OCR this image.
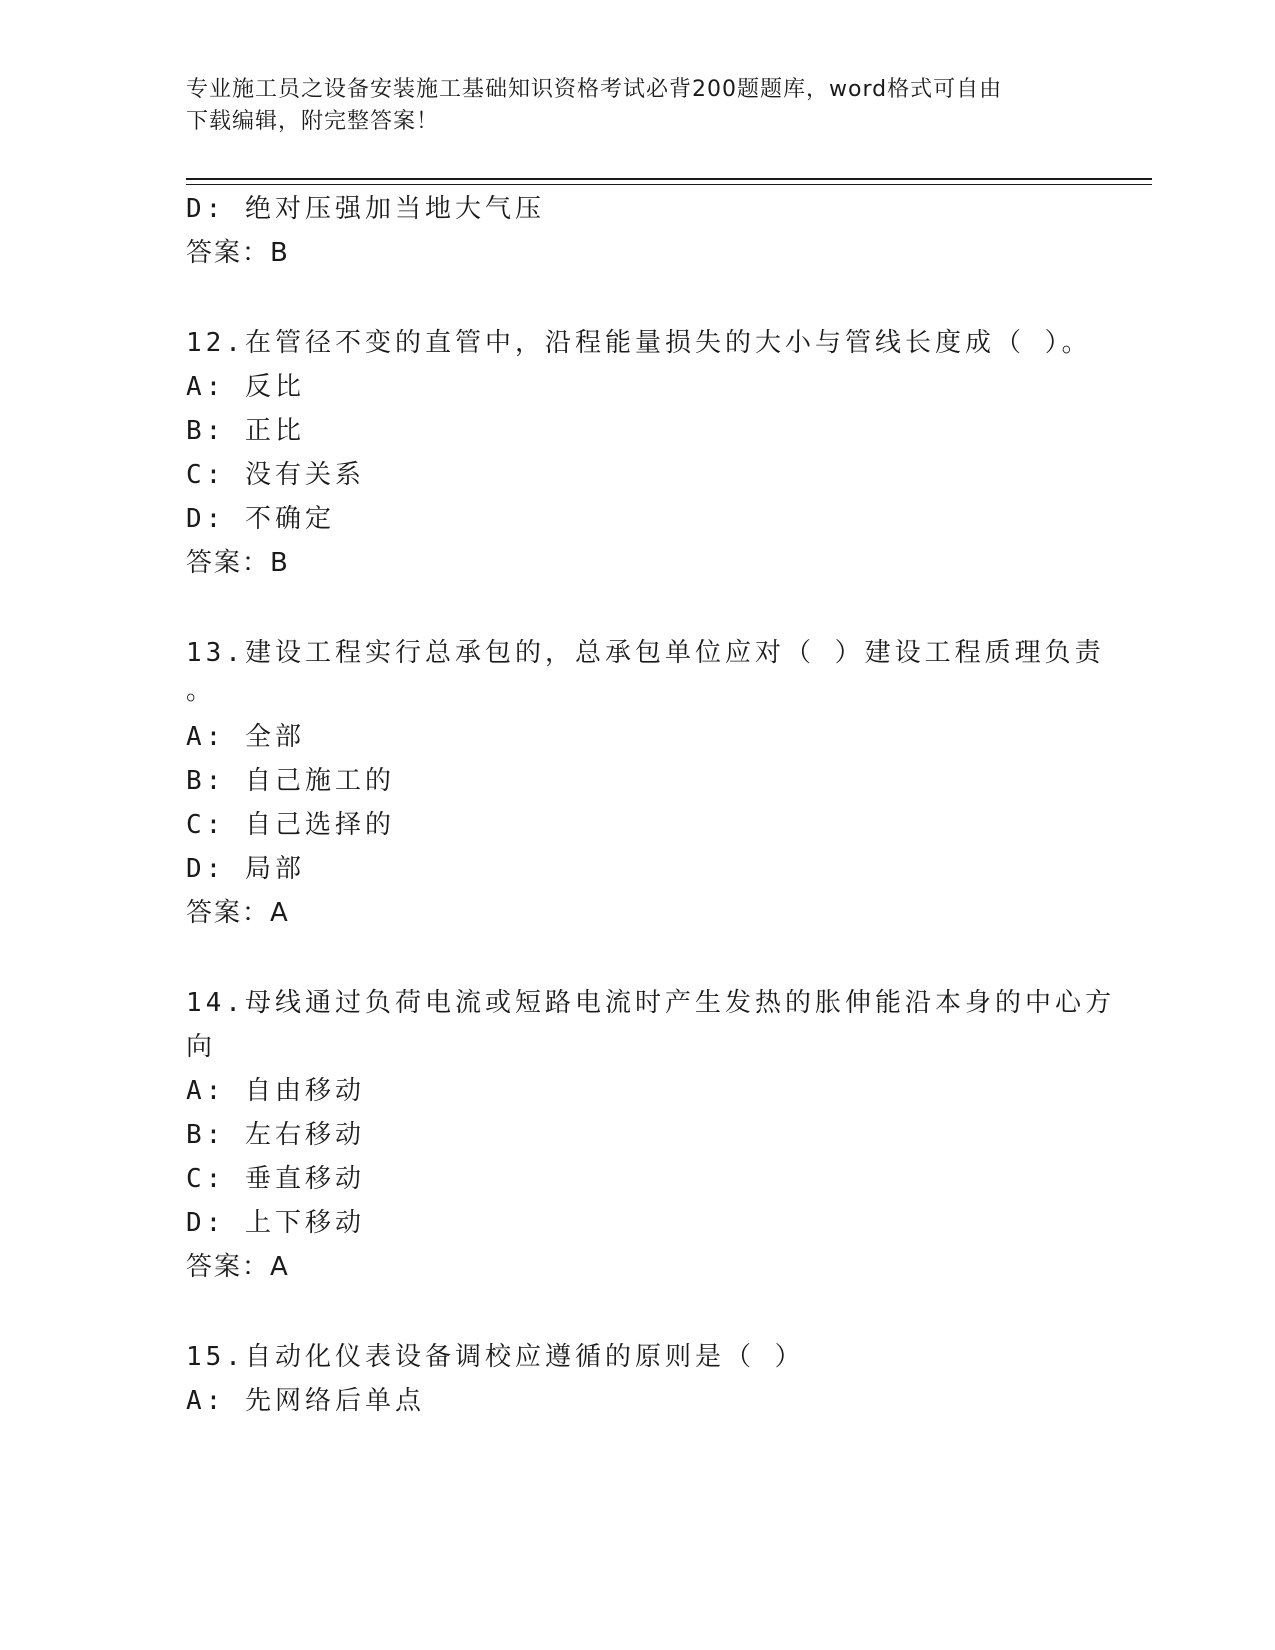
专业施工员之设备安装施工基础知识资格考试必背200题题库，word格式可自由
下载编辑，附完整答案！
D: 绝对压强加当地大气压
答案：B
12.在管径不变的直管中，沿程能量损失的大小与管线长度成（ ）。
A: 反比
B: 正比
C: 没有关系
D: 不确定
答案：B
13.建设工程实行总承包的，总承包单位应对（ ）建设工程质理负责
。
A: 全部
B: 自己施工的
C: 自己选择的
D: 局部
答案：A
14.母线通过负荷电流或短路电流时产生发热的胀伸能沿本身的中心方
向
A: 自由移动
B: 左右移动
C: 垂直移动
D: 上下移动
答案：A
15.自动化仪表设备调校应遵循的原则是（ ）
A: 先网络后单点
